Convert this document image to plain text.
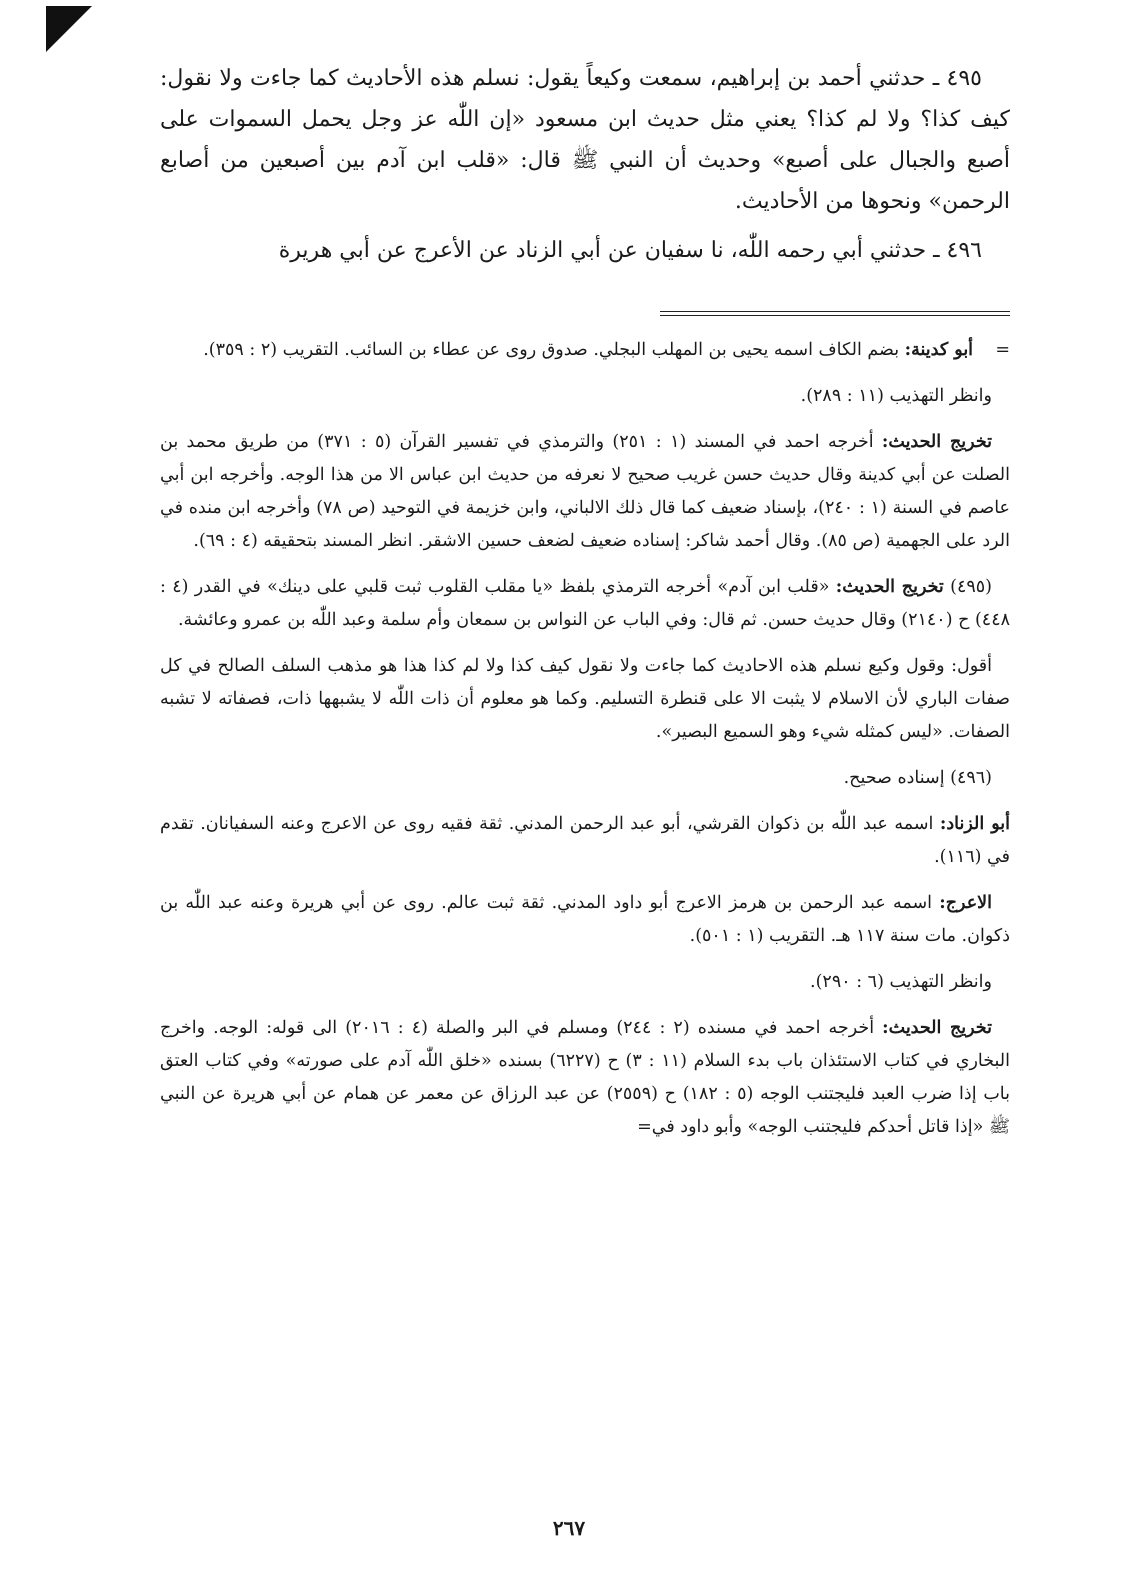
٤٩٥ ـ حدثني أحمد بن إبراهيم، سمعت وكيعاً يقول: نسلم هذه الأحاديث كما جاءت ولا نقول: كيف كذا؟ ولا لم كذا؟ يعني مثل حديث ابن مسعود «إن اللّٰه عز وجل يحمل السموات على أصبع والجبال على أصبع» وحديث أن النبي ﷺ قال: «قلب ابن آدم بين أصبعين من أصابع الرحمن» ونحوها من الأحاديث.

٤٩٦ ـ حدثني أبي رحمه اللّٰه، نا سفيان عن أبي الزناد عن الأعرج عن أبي هريرة

=    أبو كدينة: بضم الكاف اسمه يحيى بن المهلب البجلي. صدوق روى عن عطاء بن السائب. التقريب (٢ : ٣٥٩).

وانظر التهذيب (١١ : ٢٨٩).

تخريج الحديث: أخرجه احمد في المسند (١ : ٢٥١) والترمذي في تفسير القرآن (٥ : ٣٧١) من طريق محمد بن الصلت عن أبي كدينة وقال حديث حسن غريب صحيح لا نعرفه من حديث ابن عباس الا من هذا الوجه. وأخرجه ابن أبي عاصم في السنة (١ : ٢٤٠)، بإسناد ضعيف كما قال ذلك الالباني، وابن خزيمة في التوحيد (ص ٧٨) وأخرجه ابن منده في الرد على الجهمية (ص ٨٥). وقال أحمد شاكر: إسناده ضعيف لضعف حسين الاشقر. انظر المسند بتحقيقه (٤ : ٦٩).

(٤٩٥) تخريج الحديث: «قلب ابن آدم» أخرجه الترمذي بلفظ «يا مقلب القلوب ثبت قلبي على دينك» في القدر (٤ : ٤٤٨) ح (٢١٤٠) وقال حديث حسن. ثم قال: وفي الباب عن النواس بن سمعان وأم سلمة وعبد اللّٰه بن عمرو وعائشة.

أقول: وقول وكيع نسلم هذه الاحاديث كما جاءت ولا نقول كيف كذا ولا لم كذا هذا هو مذهب السلف الصالح في كل صفات الباري لأن الاسلام لا يثبت الا على قنطرة التسليم. وكما هو معلوم أن ذات اللّٰه لا يشبهها ذات، فصفاته لا تشبه الصفات. «ليس كمثله شيء وهو السميع البصير».

(٤٩٦) إسناده صحيح.

أبو الزناد: اسمه عبد اللّٰه بن ذكوان القرشي، أبو عبد الرحمن المدني. ثقة فقيه روى عن الاعرج وعنه السفيانان. تقدم في (١١٦).

الاعرج: اسمه عبد الرحمن بن هرمز الاعرج أبو داود المدني. ثقة ثبت عالم. روى عن أبي هريرة وعنه عبد اللّٰه بن ذكوان. مات سنة ١١٧ هـ. التقريب (١ : ٥٠١).

وانظر التهذيب (٦ : ٢٩٠).

تخريج الحديث: أخرجه احمد في مسنده (٢ : ٢٤٤) ومسلم في البر والصلة (٤ : ٢٠١٦) الى قوله: الوجه. واخرج البخاري في كتاب الاستئذان باب بدء السلام (١١ : ٣) ح (٦٢٢٧) بسنده «خلق اللّٰه آدم على صورته» وفي كتاب العتق باب إذا ضرب العبد فليجتنب الوجه (٥ : ١٨٢) ح (٢٥٥٩) عن عبد الرزاق عن معمر عن همام عن أبي هريرة عن النبي ﷺ «إذا قاتل أحدكم فليجتنب الوجه» وأبو داود في=

٢٦٧
